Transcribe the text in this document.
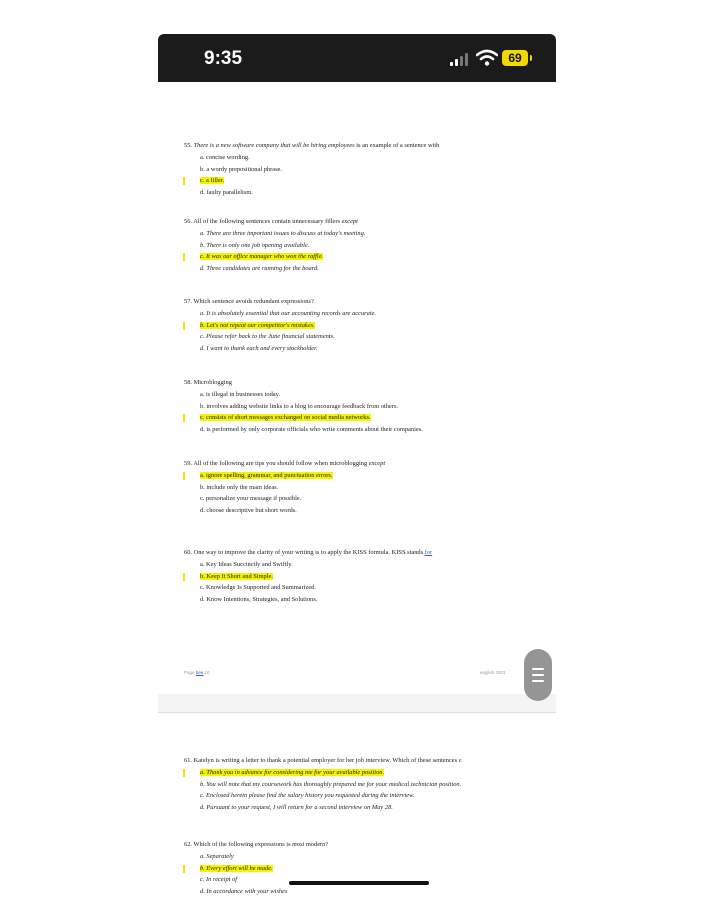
9:35	69

55. There is a new software company that will be hiring employees is an example of a sentence with

a. concise wording.

b. a wordy prepositional phrase.

c. a filler.

d. faulty parallelism.

56. All of the following sentences contain unnecessary fillers except

a. There are three important issues to discuss at today's meeting.

b. There is only one job opening available.

c. It was our office manager who won the raffle.

d. Three candidates are running for the board.

57. Which sentence avoids redundant expressions?

a. It is absolutely essential that our accounting records are accurate.

b. Let's not repeat our competitor's mistakes.

c. Please refer back to the June financial statements.

d. I want to thank each and every stockholder.

58. Microblogging

a. is illegal in businesses today.

b. involves adding website links to a blog to encourage feedback from others.

c. consists of short messages exchanged on social media networks.

d. is performed by only corporate officials who write comments about their companies.

59. All of the following are tips you should follow when microblogging except

a. ignore spelling, grammar, and punctuation errors.

b. include only the main ideas.

c. personalize your message if possible.

d. choose descriptive but short words.

60. One way to improve the clarity of your writing is to apply the KISS formula. KISS stands for

a. Key Ideas Succinctly and Swiftly.

b. Keep It Short and Simple.

c. Knowledge Is Supported and Summarized.

d. Know Intentions, Strategies, and Solutions.

Page bee 10	english 3201

61. Katelyn is writing a letter to thank a potential employer for her job interview. Which of these sentences c

a. Thank you in advance for considering me for your available position.

b. You will note that my coursework has thoroughly prepared me for your medical technician position.

c. Enclosed herein please find the salary history you requested during the interview.

d. Pursuant to your request, I will return for a second interview on May 28.

62. Which of the following expressions is most modern?

a. Separately

b. Every effort will be made.

c. In receipt of

d. In accordance with your wishes
